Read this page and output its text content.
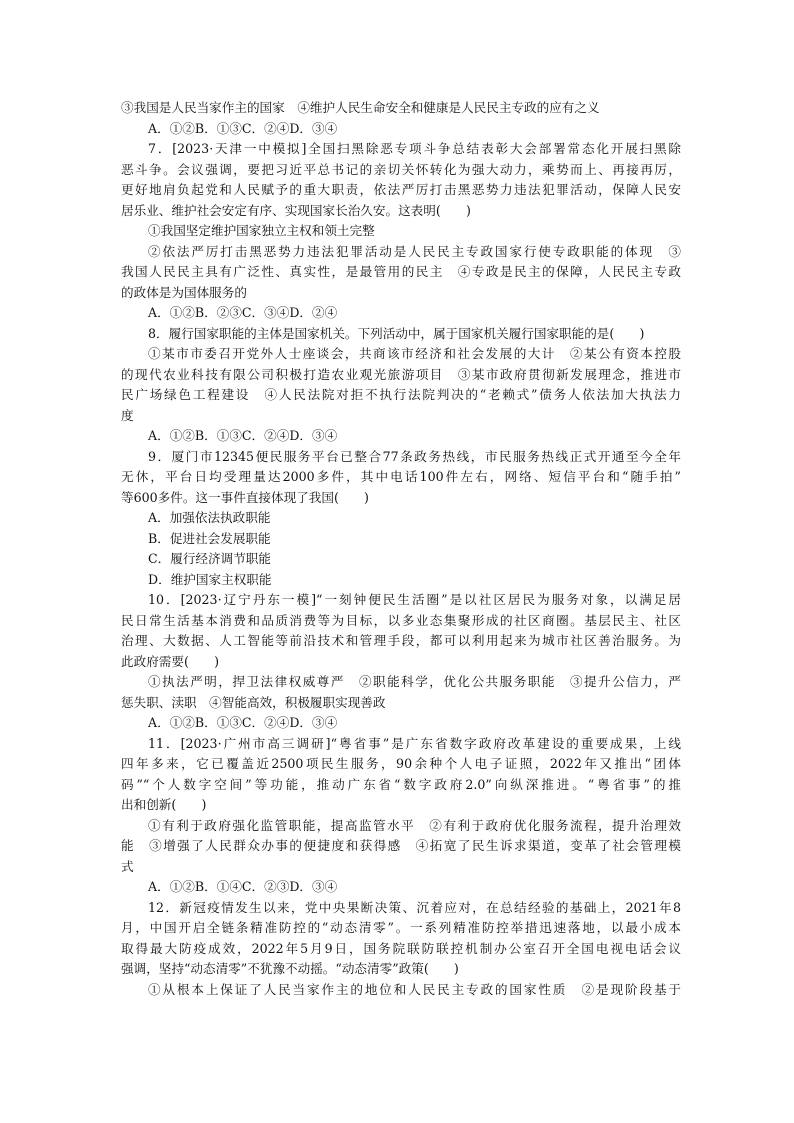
③我国是人民当家作主的国家　④维护人民生命安全和健康是人民民主专政的应有之义
A．①②B．①③C．②④D．③④
7．[2023·天津一中模拟]全国扫黑除恶专项斗争总结表彰大会部署常态化开展扫黑除
恶斗争。会议强调，要把习近平总书记的亲切关怀转化为强大动力，乘势而上、再接再厉，
更好地肩负起党和人民赋予的重大职责，依法严厉打击黑恶势力违法犯罪活动，保障人民安
居乐业、维护社会安定有序、实现国家长治久安。这表明(　　)
①我国坚定维护国家独立主权和领土完整
②依法严厉打击黑恶势力违法犯罪活动是人民民主专政国家行使专政职能的体现　③
我国人民民主具有广泛性、真实性，是最管用的民主　④专政是民主的保障，人民民主专政
的政体是为国体服务的
A．①②B．②③C．③④D．②④
8．履行国家职能的主体是国家机关。下列活动中，属于国家机关履行国家职能的是(　　)
①某市市委召开党外人士座谈会，共商该市经济和社会发展的大计　②某公有资本控股
的现代农业科技有限公司积极打造农业观光旅游项目　③某市政府贯彻新发展理念，推进市
民广场绿色工程建设　④人民法院对拒不执行法院判决的“老赖式”债务人依法加大执法力
度
A．①②B．①③C．②④D．③④
9．厦门市12345便民服务平台已整合77条政务热线，市民服务热线正式开通至今全年
无休，平台日均受理量达2000多件，其中电话100件左右，网络、短信平台和“随手拍”
等600多件。这一事件直接体现了我国(　　)
A．加强依法执政职能
B．促进社会发展职能
C．履行经济调节职能
D．维护国家主权职能
10．[2023·辽宁丹东一模]“一刻钟便民生活圈”是以社区居民为服务对象，以满足居
民日常生活基本消费和品质消费等为目标，以多业态集聚形成的社区商圈。基层民主、社区
治理、大数据、人工智能等前沿技术和管理手段，都可以利用起来为城市社区善治服务。为
此政府需要(　　)
①执法严明，捍卫法律权威尊严　②职能科学，优化公共服务职能　③提升公信力，严
惩失职、渎职　④智能高效，积极履职实现善政
A．①②B．①③C．②④D．③④
11．[2023·广州市高三调研]“粤省事”是广东省数字政府改革建设的重要成果，上线
四年多来，它已覆盖近2500项民生服务，90余种个人电子证照，2022年又推出“团体
码”“个人数字空间”等功能，推动广东省“数字政府2.0”向纵深推进。“粤省事”的推
出和创新(　　)
①有利于政府强化监管职能，提高监管水平　②有利于政府优化服务流程，提升治理效
能　③增强了人民群众办事的便捷度和获得感　④拓宽了民生诉求渠道，变革了社会管理模
式
A．①②B．①④C．②③D．③④
12．新冠疫情发生以来，党中央果断决策、沉着应对，在总结经验的基础上，2021年8
月，中国开启全链条精准防控的“动态清零”。一系列精准防控举措迅速落地，以最小成本
取得最大防疫成效，2022年5月9日，国务院联防联控机制办公室召开全国电视电话会议
强调，坚持“动态清零”不犹豫不动摇。“动态清零”政策(　　)
①从根本上保证了人民当家作主的地位和人民民主专政的国家性质　②是现阶段基于
